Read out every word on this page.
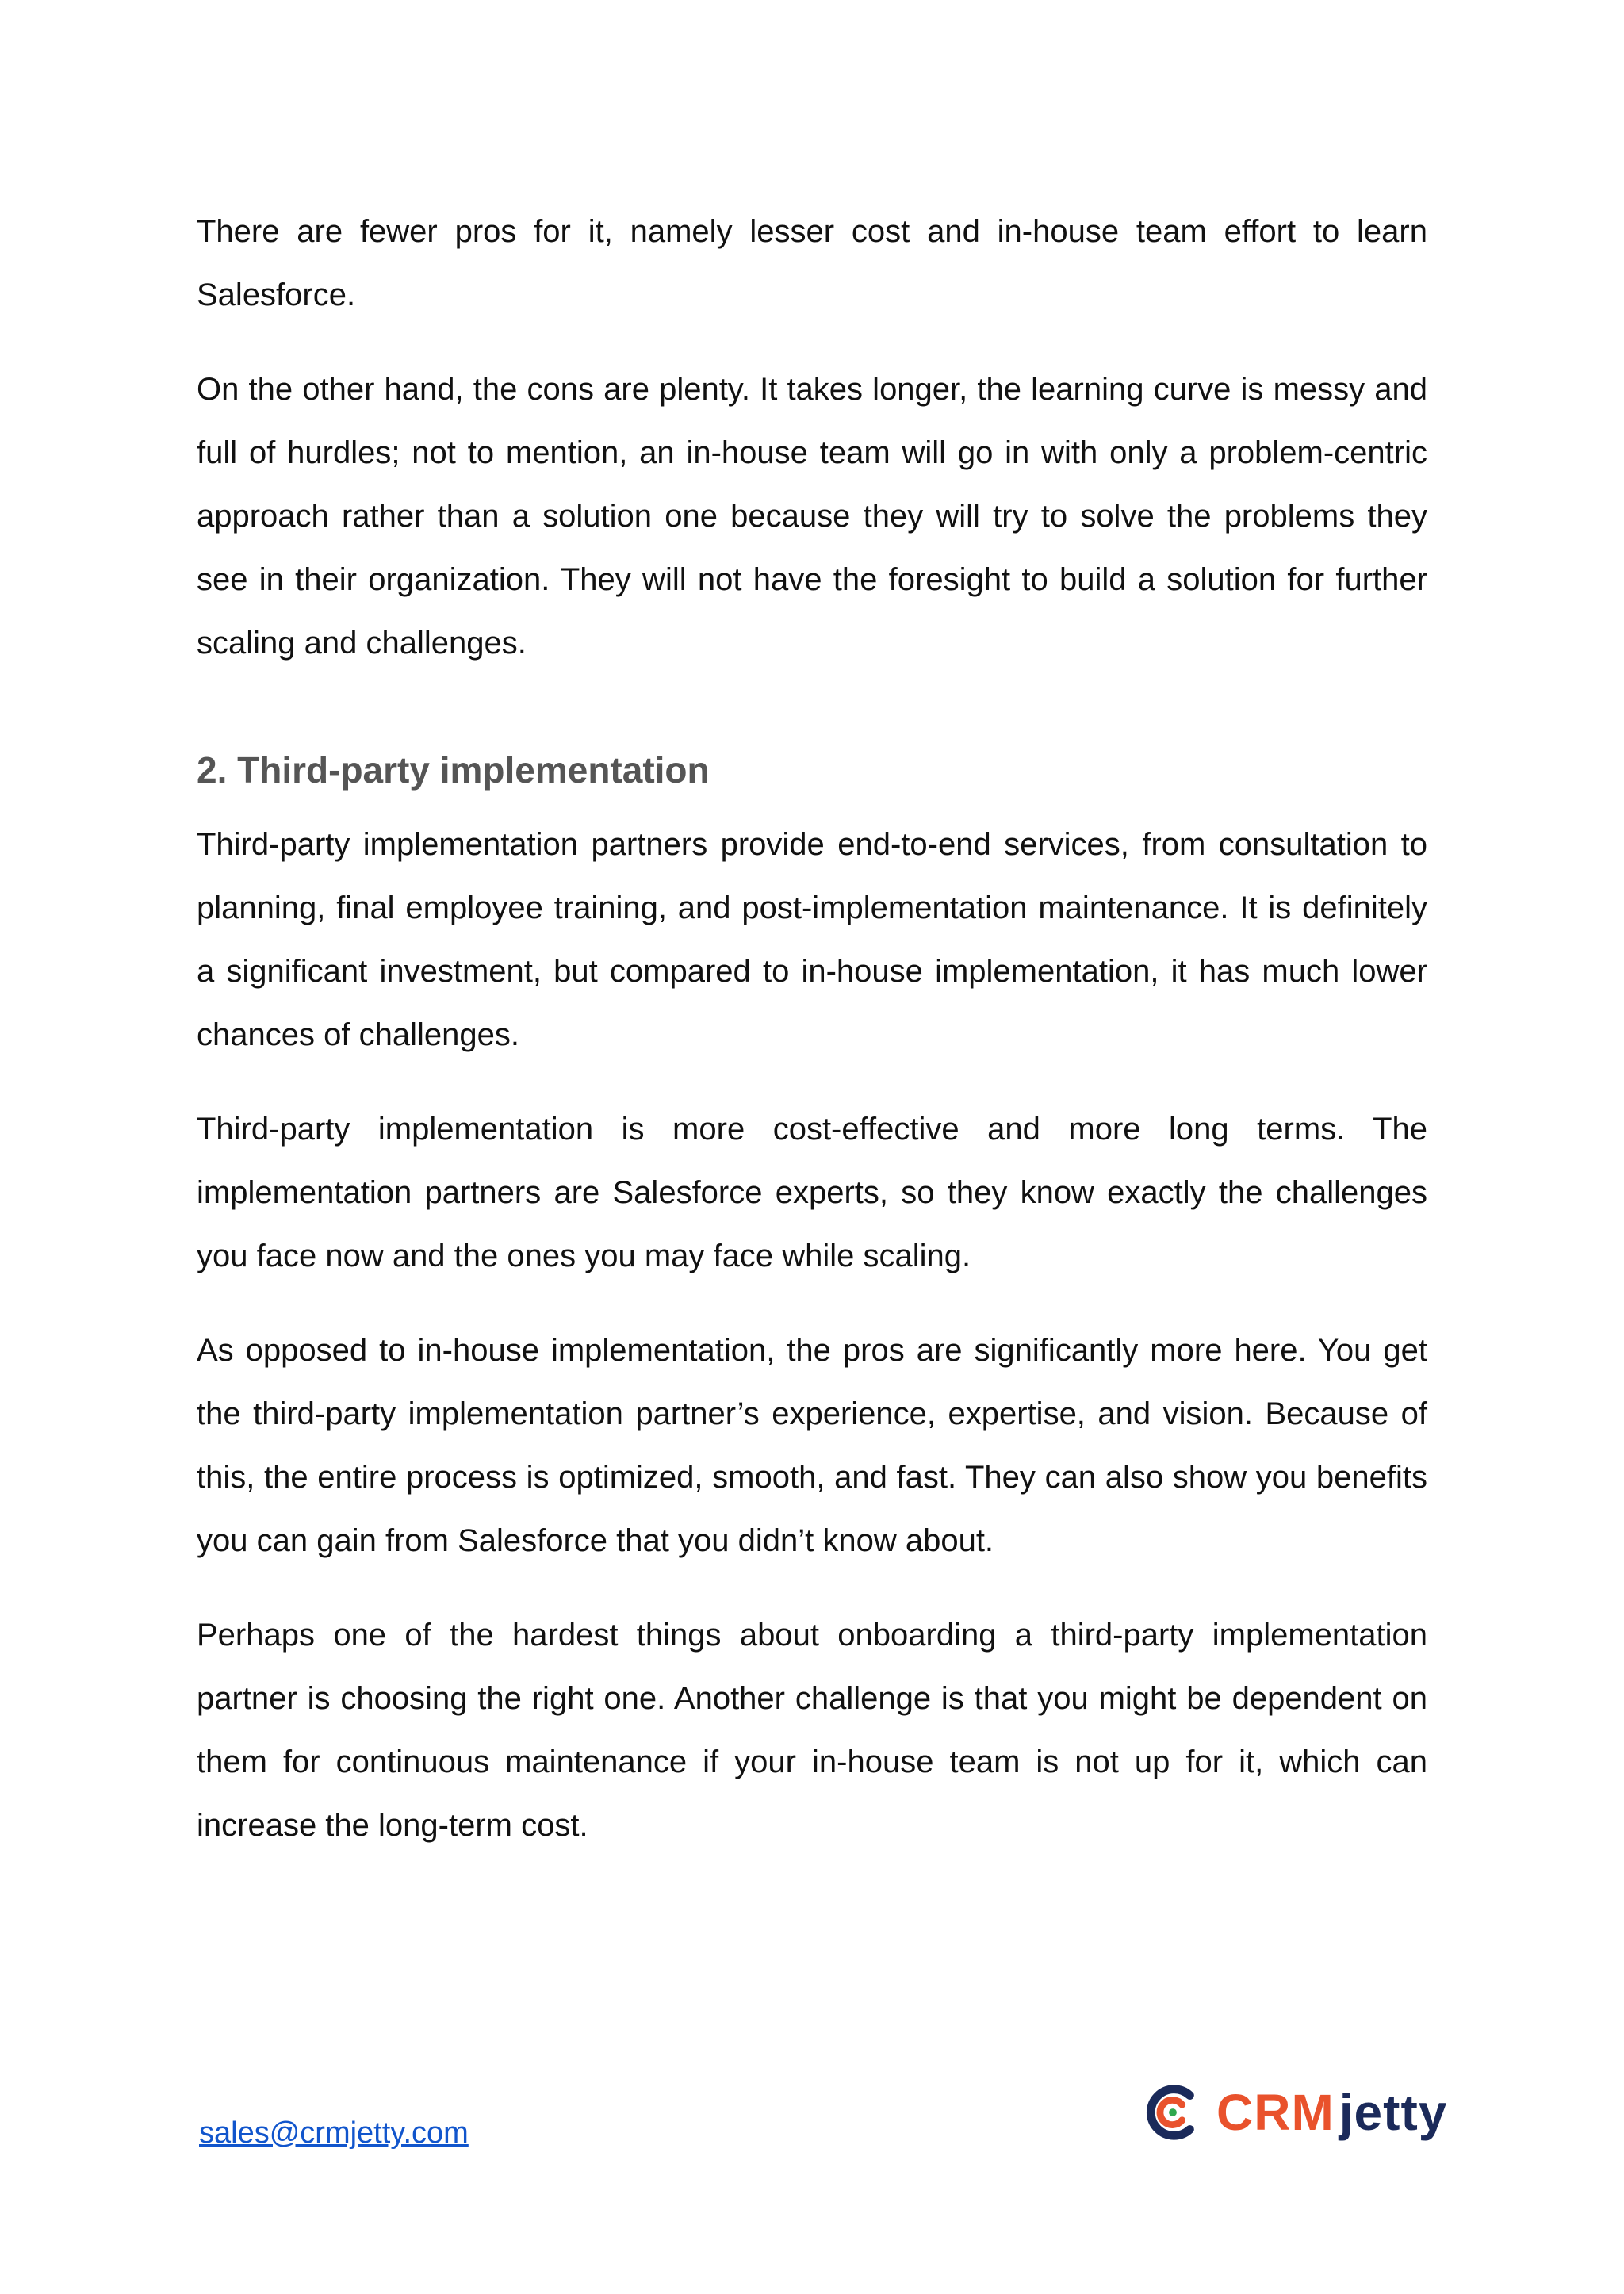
There are fewer pros for it, namely lesser cost and in-house team effort to learn Salesforce.

On the other hand, the cons are plenty. It takes longer, the learning curve is messy and full of hurdles; not to mention, an in-house team will go in with only a problem-centric approach rather than a solution one because they will try to solve the problems they see in their organization. They will not have the foresight to build a solution for further scaling and challenges.

2. Third-party implementation

Third-party implementation partners provide end-to-end services, from consultation to planning, final employee training, and post-implementation maintenance. It is definitely a significant investment, but compared to in-house implementation, it has much lower chances of challenges.

Third-party implementation is more cost-effective and more long terms. The implementation partners are Salesforce experts, so they know exactly the challenges you face now and the ones you may face while scaling.

As opposed to in-house implementation, the pros are significantly more here. You get the third-party implementation partner’s experience, expertise, and vision. Because of this, the entire process is optimized, smooth, and fast. They can also show you benefits you can gain from Salesforce that you didn’t know about.

Perhaps one of the hardest things about onboarding a third-party implementation partner is choosing the right one. Another challenge is that you might be dependent on them for continuous maintenance if your in-house team is not up for it, which can increase the long-term cost.

sales@crmjetty.com	CRMjetty
